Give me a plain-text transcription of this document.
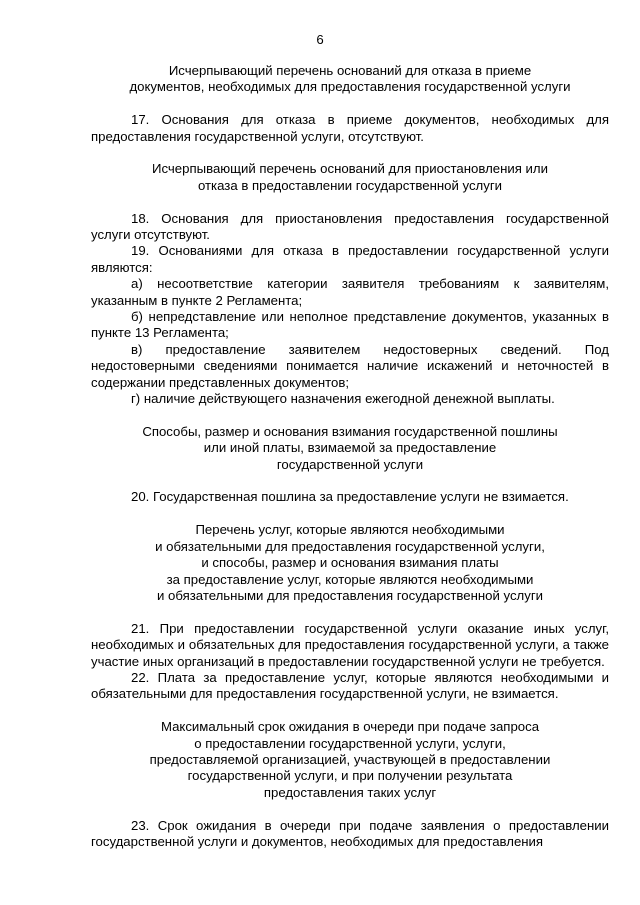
6
Исчерпывающий перечень оснований для отказа в приеме
документов, необходимых для предоставления государственной услуги
17. Основания для отказа в приеме документов, необходимых для предоставления государственной услуги, отсутствуют.
Исчерпывающий перечень оснований для приостановления или
отказа в предоставлении государственной услуги
18. Основания для приостановления предоставления государственной услуги отсутствуют.
19. Основаниями для отказа в предоставлении государственной услуги являются:
а) несоответствие категории заявителя требованиям к заявителям, указанным в пункте 2 Регламента;
б) непредставление или неполное представление документов, указанных в пункте 13 Регламента;
в) предоставление заявителем недостоверных сведений. Под недостоверными сведениями понимается наличие искажений и неточностей в содержании представленных документов;
г) наличие действующего назначения ежегодной денежной выплаты.
Способы, размер и основания взимания государственной пошлины
или иной платы, взимаемой за предоставление
государственной услуги
20. Государственная пошлина за предоставление услуги не взимается.
Перечень услуг, которые являются необходимыми
и обязательными для предоставления государственной услуги,
и способы, размер и основания взимания платы
за предоставление услуг, которые являются необходимыми
и обязательными для предоставления государственной услуги
21. При предоставлении государственной услуги оказание иных услуг, необходимых и обязательных для предоставления государственной услуги, а также участие иных организаций в предоставлении государственной услуги не требуется.
22. Плата за предоставление услуг, которые являются необходимыми и обязательными для предоставления государственной услуги, не взимается.
Максимальный срок ожидания в очереди при подаче запроса
о предоставлении государственной услуги, услуги,
предоставляемой организацией, участвующей в предоставлении
государственной услуги, и при получении результата
предоставления таких услуг
23. Срок ожидания в очереди при подаче заявления о предоставлении государственной услуги и документов, необходимых для предоставления
